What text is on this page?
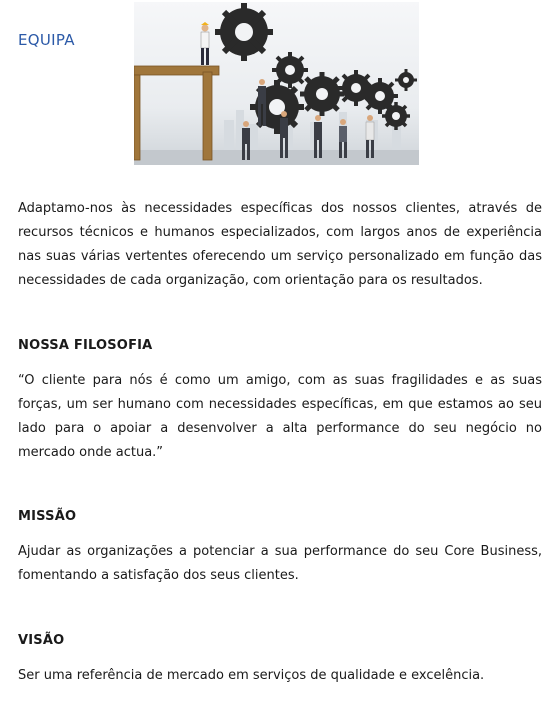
EQUIPA

Adaptamo-nos às necessidades específicas dos nossos clientes, através de recursos técnicos e humanos especializados, com largos anos de experiência nas suas várias vertentes oferecendo um serviço personalizado em função das necessidades de cada organização, com orientação para os resultados.

NOSSA FILOSOFIA

“O cliente para nós é como um amigo, com as suas fragilidades e as suas forças, um ser humano com necessidades específicas, em que estamos ao seu lado para o apoiar a desenvolver a alta performance do seu negócio no mercado onde actua.”

MISSÃO

Ajudar as organizações a potenciar a sua performance do seu Core Business, fomentando a satisfação dos seus clientes.

VISÃO

Ser uma referência de mercado em serviços de qualidade e excelência.
